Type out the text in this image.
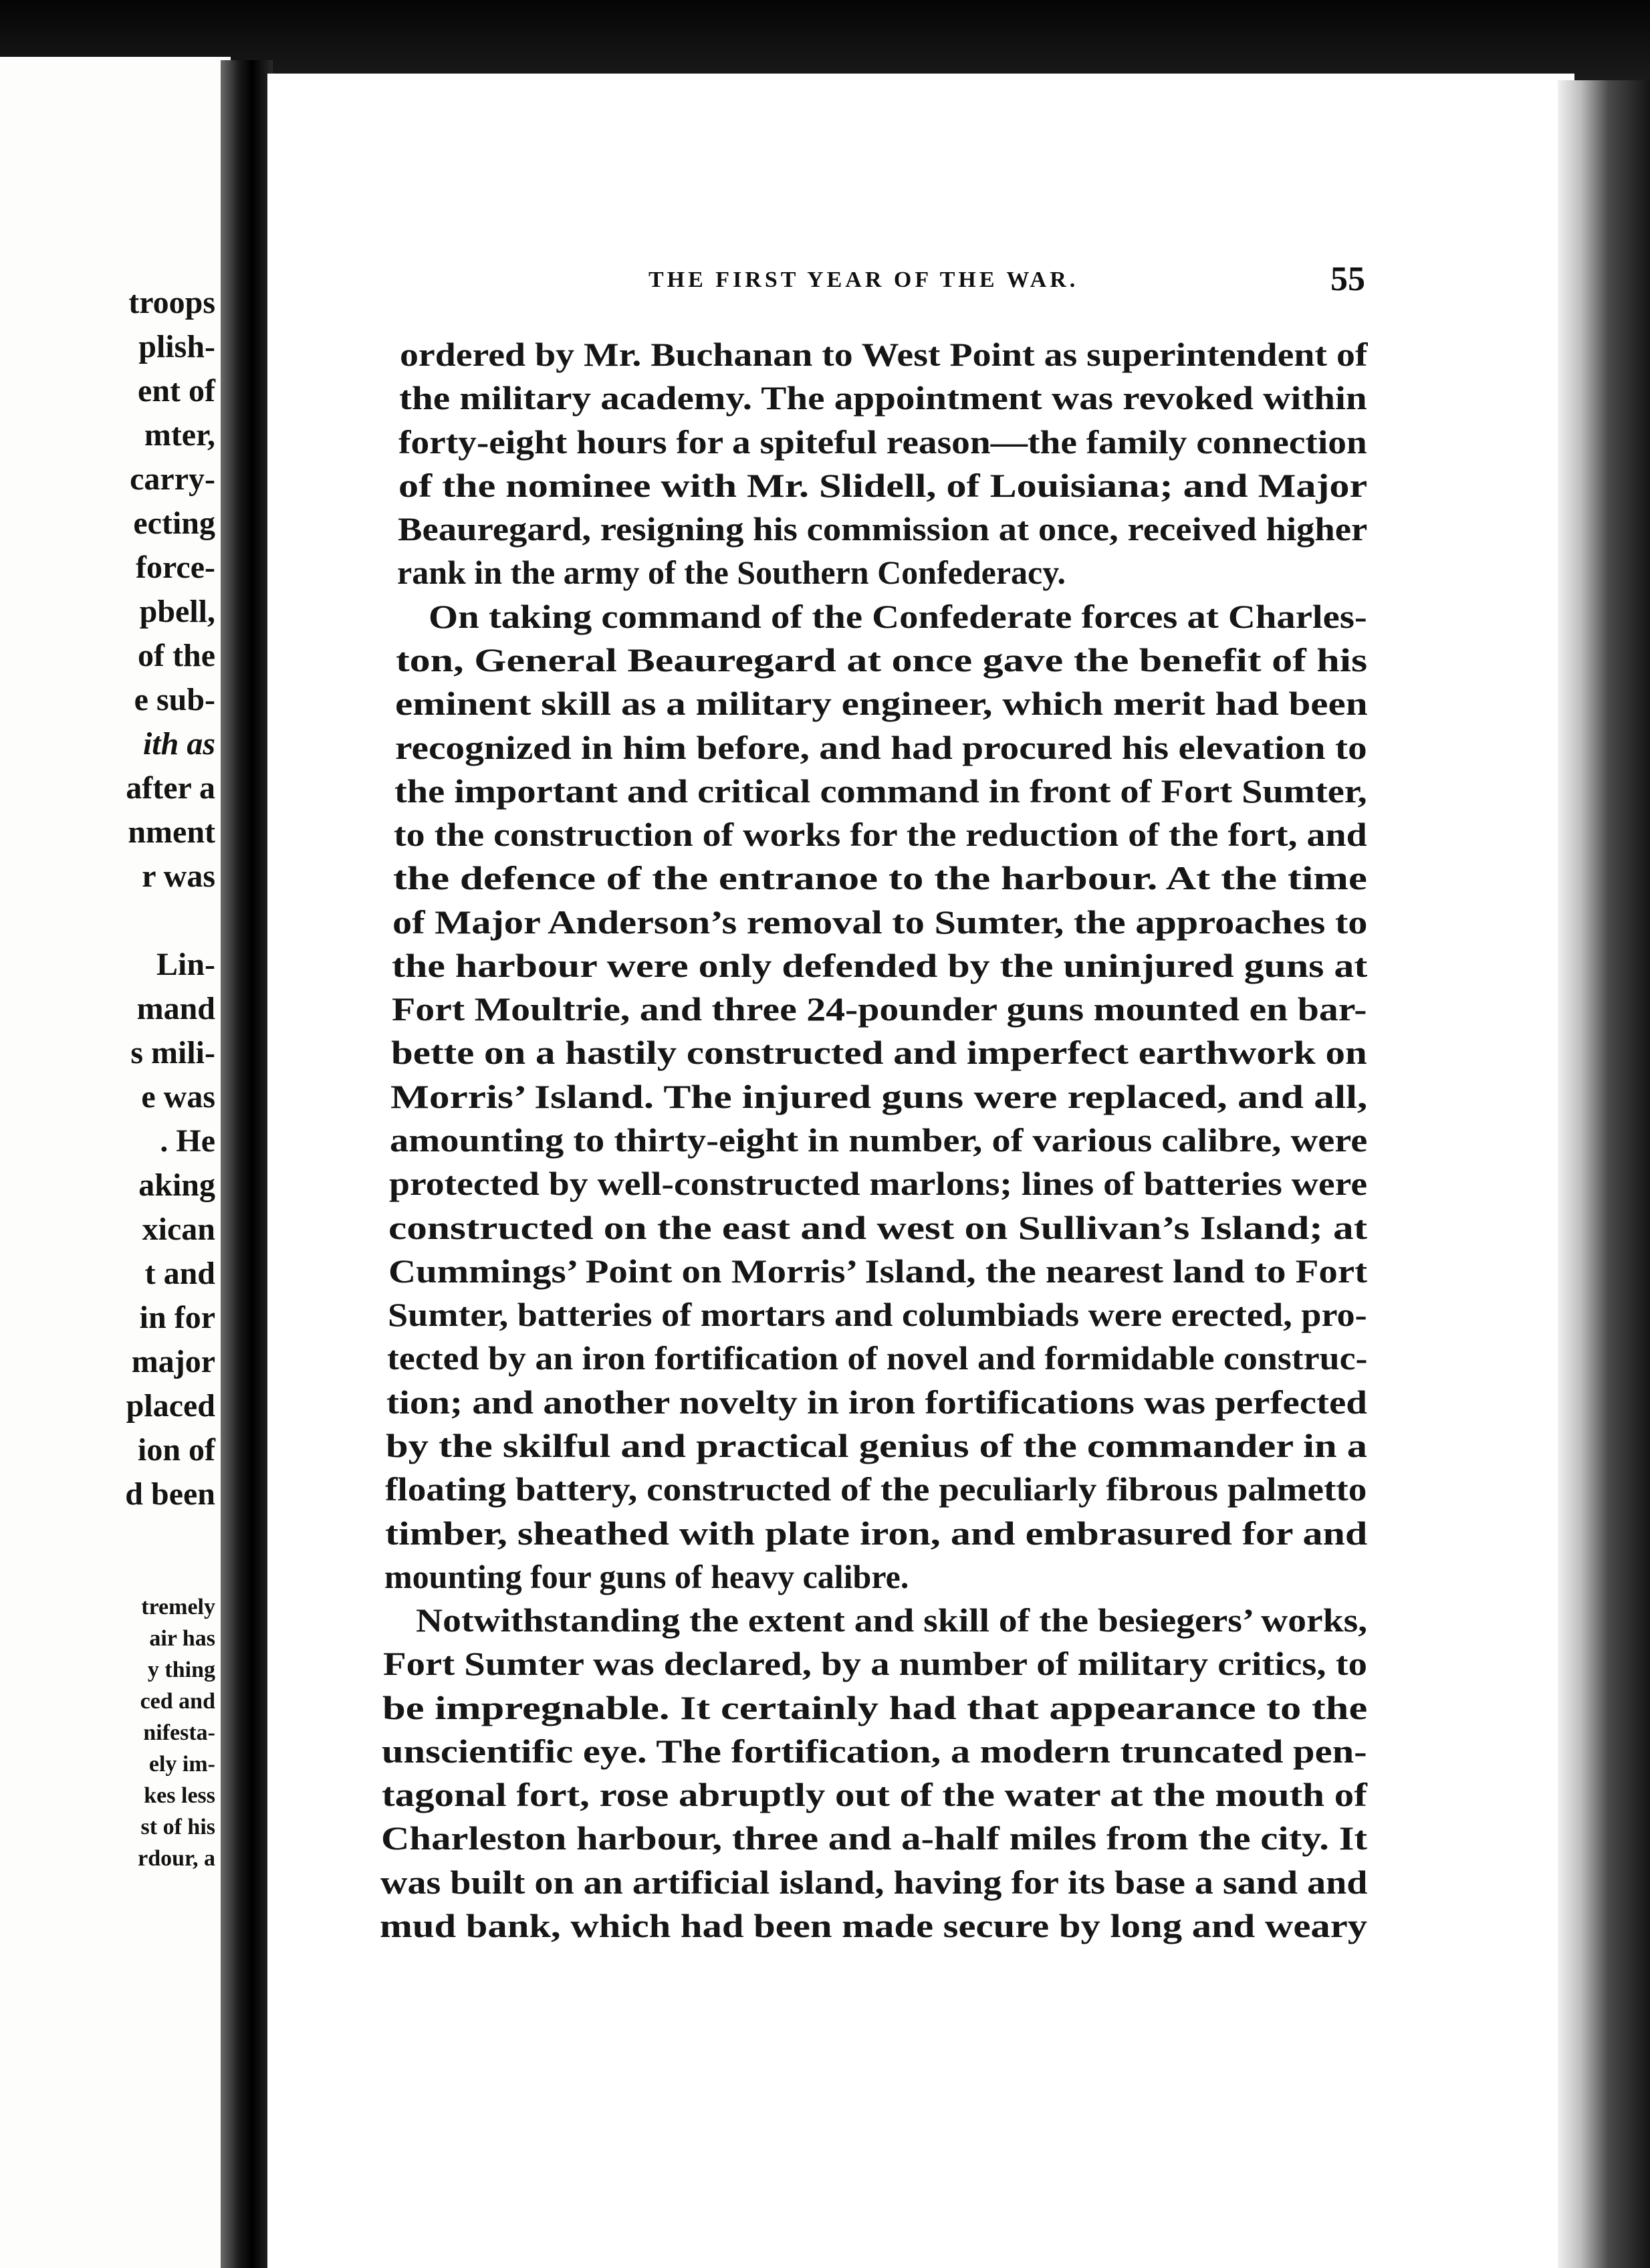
troops
plish-
ent of
mter,
carry-
ecting
force-
pbell,
of the
e sub-
ith as
after a
nment
r was
Lin-
mand
s mili-
e was
. He
aking
xican
t and
in for
major
placed
ion of
d been
tremely
air has
y thing
ced and
nifesta-
ely im-
kes less
st of his
rdour, a
THE FIRST YEAR OF THE WAR.	55
ordered by Mr. Buchanan to West Point as superintendent of
the military academy. The appointment was revoked within
forty-eight hours for a spiteful reason—the family connection
of the nominee with Mr. Slidell, of Louisiana; and Major
Beauregard, resigning his commission at once, received higher
rank in the army of the Southern Confederacy.
On taking command of the Confederate forces at Charles-
ton, General Beauregard at once gave the benefit of his
eminent skill as a military engineer, which merit had been
recognized in him before, and had procured his elevation to
the important and critical command in front of Fort Sumter,
to the construction of works for the reduction of the fort, and
the defence of the entranoe to the harbour. At the time
of Major Anderson’s removal to Sumter, the approaches to
the harbour were only defended by the uninjured guns at
Fort Moultrie, and three 24-pounder guns mounted en bar-
bette on a hastily constructed and imperfect earthwork on
Morris’ Island. The injured guns were replaced, and all,
amounting to thirty-eight in number, of various calibre, were
protected by well-constructed marlons; lines of batteries were
constructed on the east and west on Sullivan’s Island; at
Cummings’ Point on Morris’ Island, the nearest land to Fort
Sumter, batteries of mortars and columbiads were erected, pro-
tected by an iron fortification of novel and formidable construc-
tion; and another novelty in iron fortifications was perfected
by the skilful and practical genius of the commander in a
floating battery, constructed of the peculiarly fibrous palmetto
timber, sheathed with plate iron, and embrasured for and
mounting four guns of heavy calibre.
Notwithstanding the extent and skill of the besiegers’ works,
Fort Sumter was declared, by a number of military critics, to
be impregnable. It certainly had that appearance to the
unscientific eye. The fortification, a modern truncated pen-
tagonal fort, rose abruptly out of the water at the mouth of
Charleston harbour, three and a-half miles from the city. It
was built on an artificial island, having for its base a sand and
mud bank, which had been made secure by long and weary
